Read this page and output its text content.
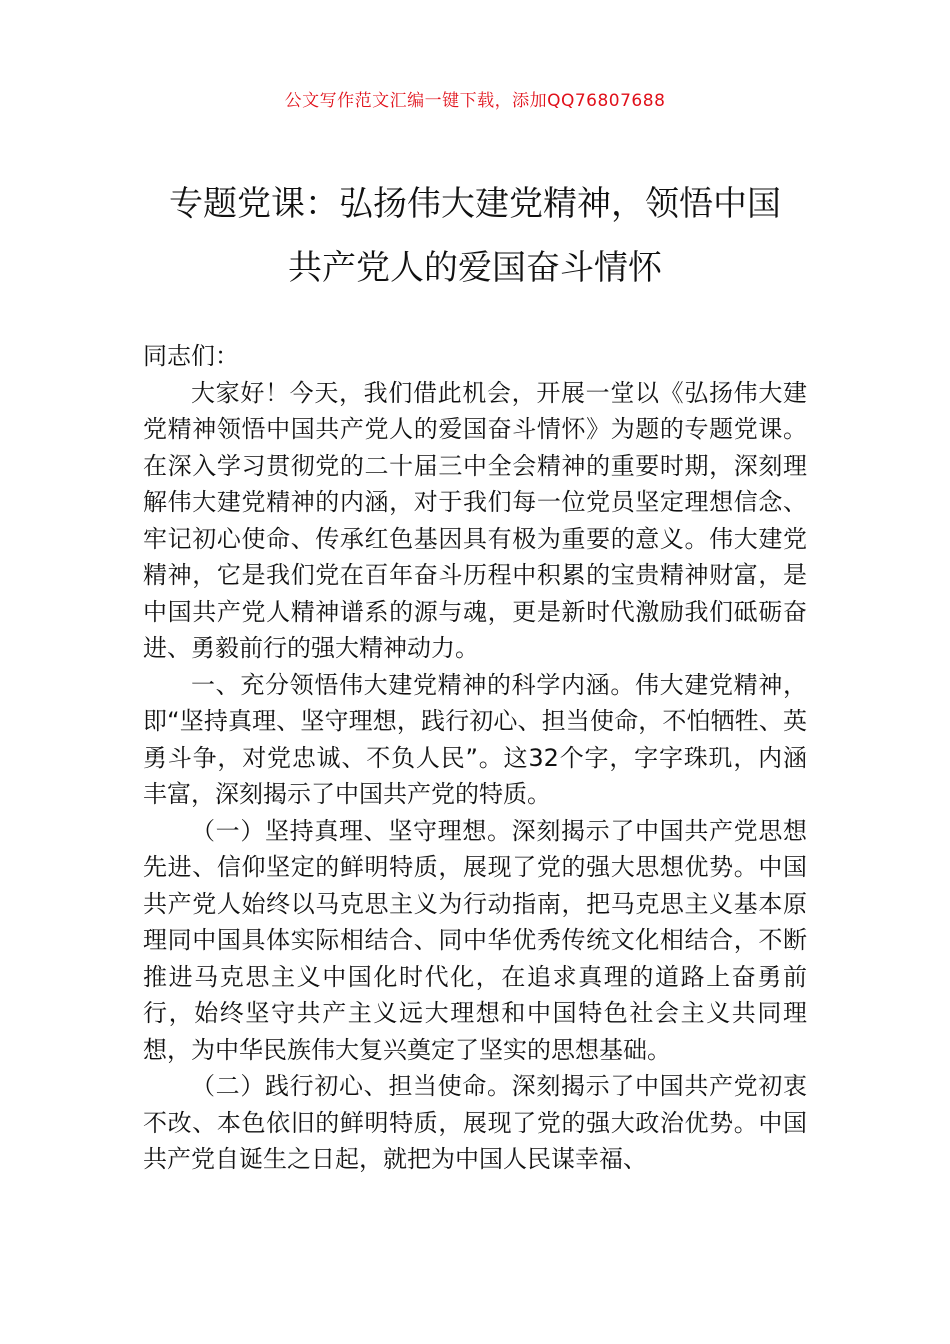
公文写作范文汇编一键下载，添加QQ76807688
专题党课：弘扬伟大建党精神，领悟中国
共产党人的爱国奋斗情怀

同志们：

大家好！今天，我们借此机会，开展一堂以《弘扬伟大建党精神领悟中国共产党人的爱国奋斗情怀》为题的专题党课。在深入学习贯彻党的二十届三中全会精神的重要时期，深刻理解伟大建党精神的内涵，对于我们每一位党员坚定理想信念、牢记初心使命、传承红色基因具有极为重要的意义。伟大建党精神，它是我们党在百年奋斗历程中积累的宝贵精神财富，是中国共产党人精神谱系的源与魂，更是新时代激励我们砥砺奋进、勇毅前行的强大精神动力。

一、充分领悟伟大建党精神的科学内涵。伟大建党精神，即“坚持真理、坚守理想，践行初心、担当使命，不怕牺牲、英勇斗争，对党忠诚、不负人民”。这32个字，字字珠玑，内涵丰富，深刻揭示了中国共产党的特质。

（一）坚持真理、坚守理想。深刻揭示了中国共产党思想先进、信仰坚定的鲜明特质，展现了党的强大思想优势。中国共产党人始终以马克思主义为行动指南，把马克思主义基本原理同中国具体实际相结合、同中华优秀传统文化相结合，不断推进马克思主义中国化时代化，在追求真理的道路上奋勇前行，始终坚守共产主义远大理想和中国特色社会主义共同理想，为中华民族伟大复兴奠定了坚实的思想基础。

（二）践行初心、担当使命。深刻揭示了中国共产党初衷不改、本色依旧的鲜明特质，展现了党的强大政治优势。中国共产党自诞生之日起，就把为中国人民谋幸福、
